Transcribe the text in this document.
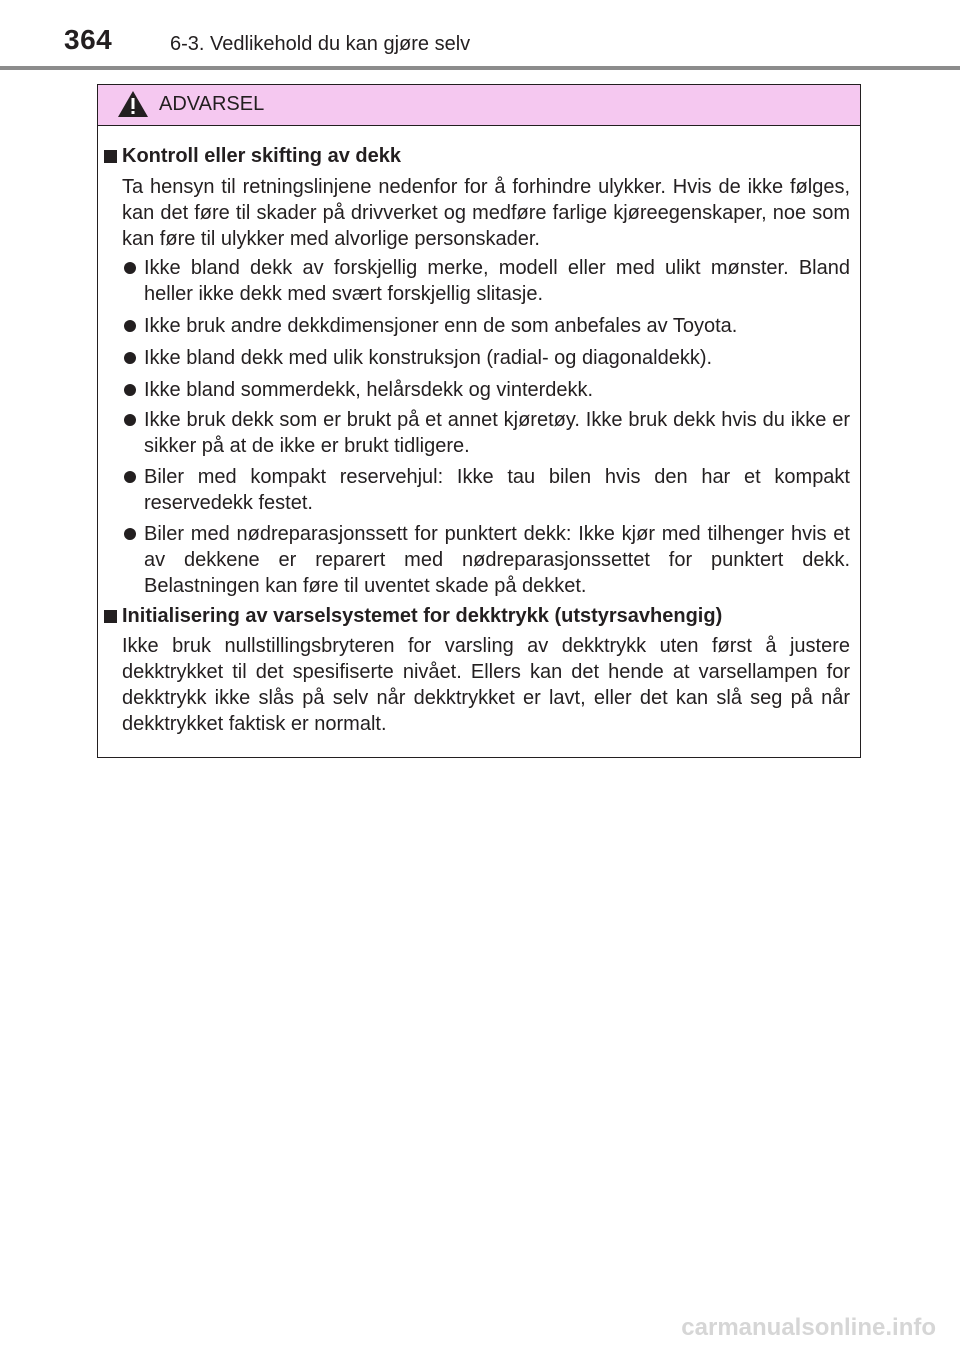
364	6-3. Vedlikehold du kan gjøre selv
ADVARSEL
Kontroll eller skifting av dekk
Ta hensyn til retningslinjene nedenfor for å forhindre ulykker. Hvis de ikke følges, kan det føre til skader på drivverket og medføre farlige kjøreegenskaper, noe som kan føre til ulykker med alvorlige personskader.
Ikke bland dekk av forskjellig merke, modell eller med ulikt mønster. Bland heller ikke dekk med svært forskjellig slitasje.
Ikke bruk andre dekkdimensjoner enn de som anbefales av Toyota.
Ikke bland dekk med ulik konstruksjon (radial- og diagonaldekk).
Ikke bland sommerdekk, helårsdekk og vinterdekk.
Ikke bruk dekk som er brukt på et annet kjøretøy. Ikke bruk dekk hvis du ikke er sikker på at de ikke er brukt tidligere.
Biler med kompakt reservehjul: Ikke tau bilen hvis den har et kompakt reservedekk festet.
Biler med nødreparasjonssett for punktert dekk: Ikke kjør med tilhenger hvis et av dekkene er reparert med nødreparasjonssettet for punktert dekk. Belastningen kan føre til uventet skade på dekket.
Initialisering av varselsystemet for dekktrykk (utstyrsavhengig)
Ikke bruk nullstillingsbryteren for varsling av dekktrykk uten først å justere dekktrykket til det spesifiserte nivået. Ellers kan det hende at varsellampen for dekktrykk ikke slås på selv når dekktrykket er lavt, eller det kan slå seg på når dekktrykket faktisk er normalt.
carmanualsonline.info
